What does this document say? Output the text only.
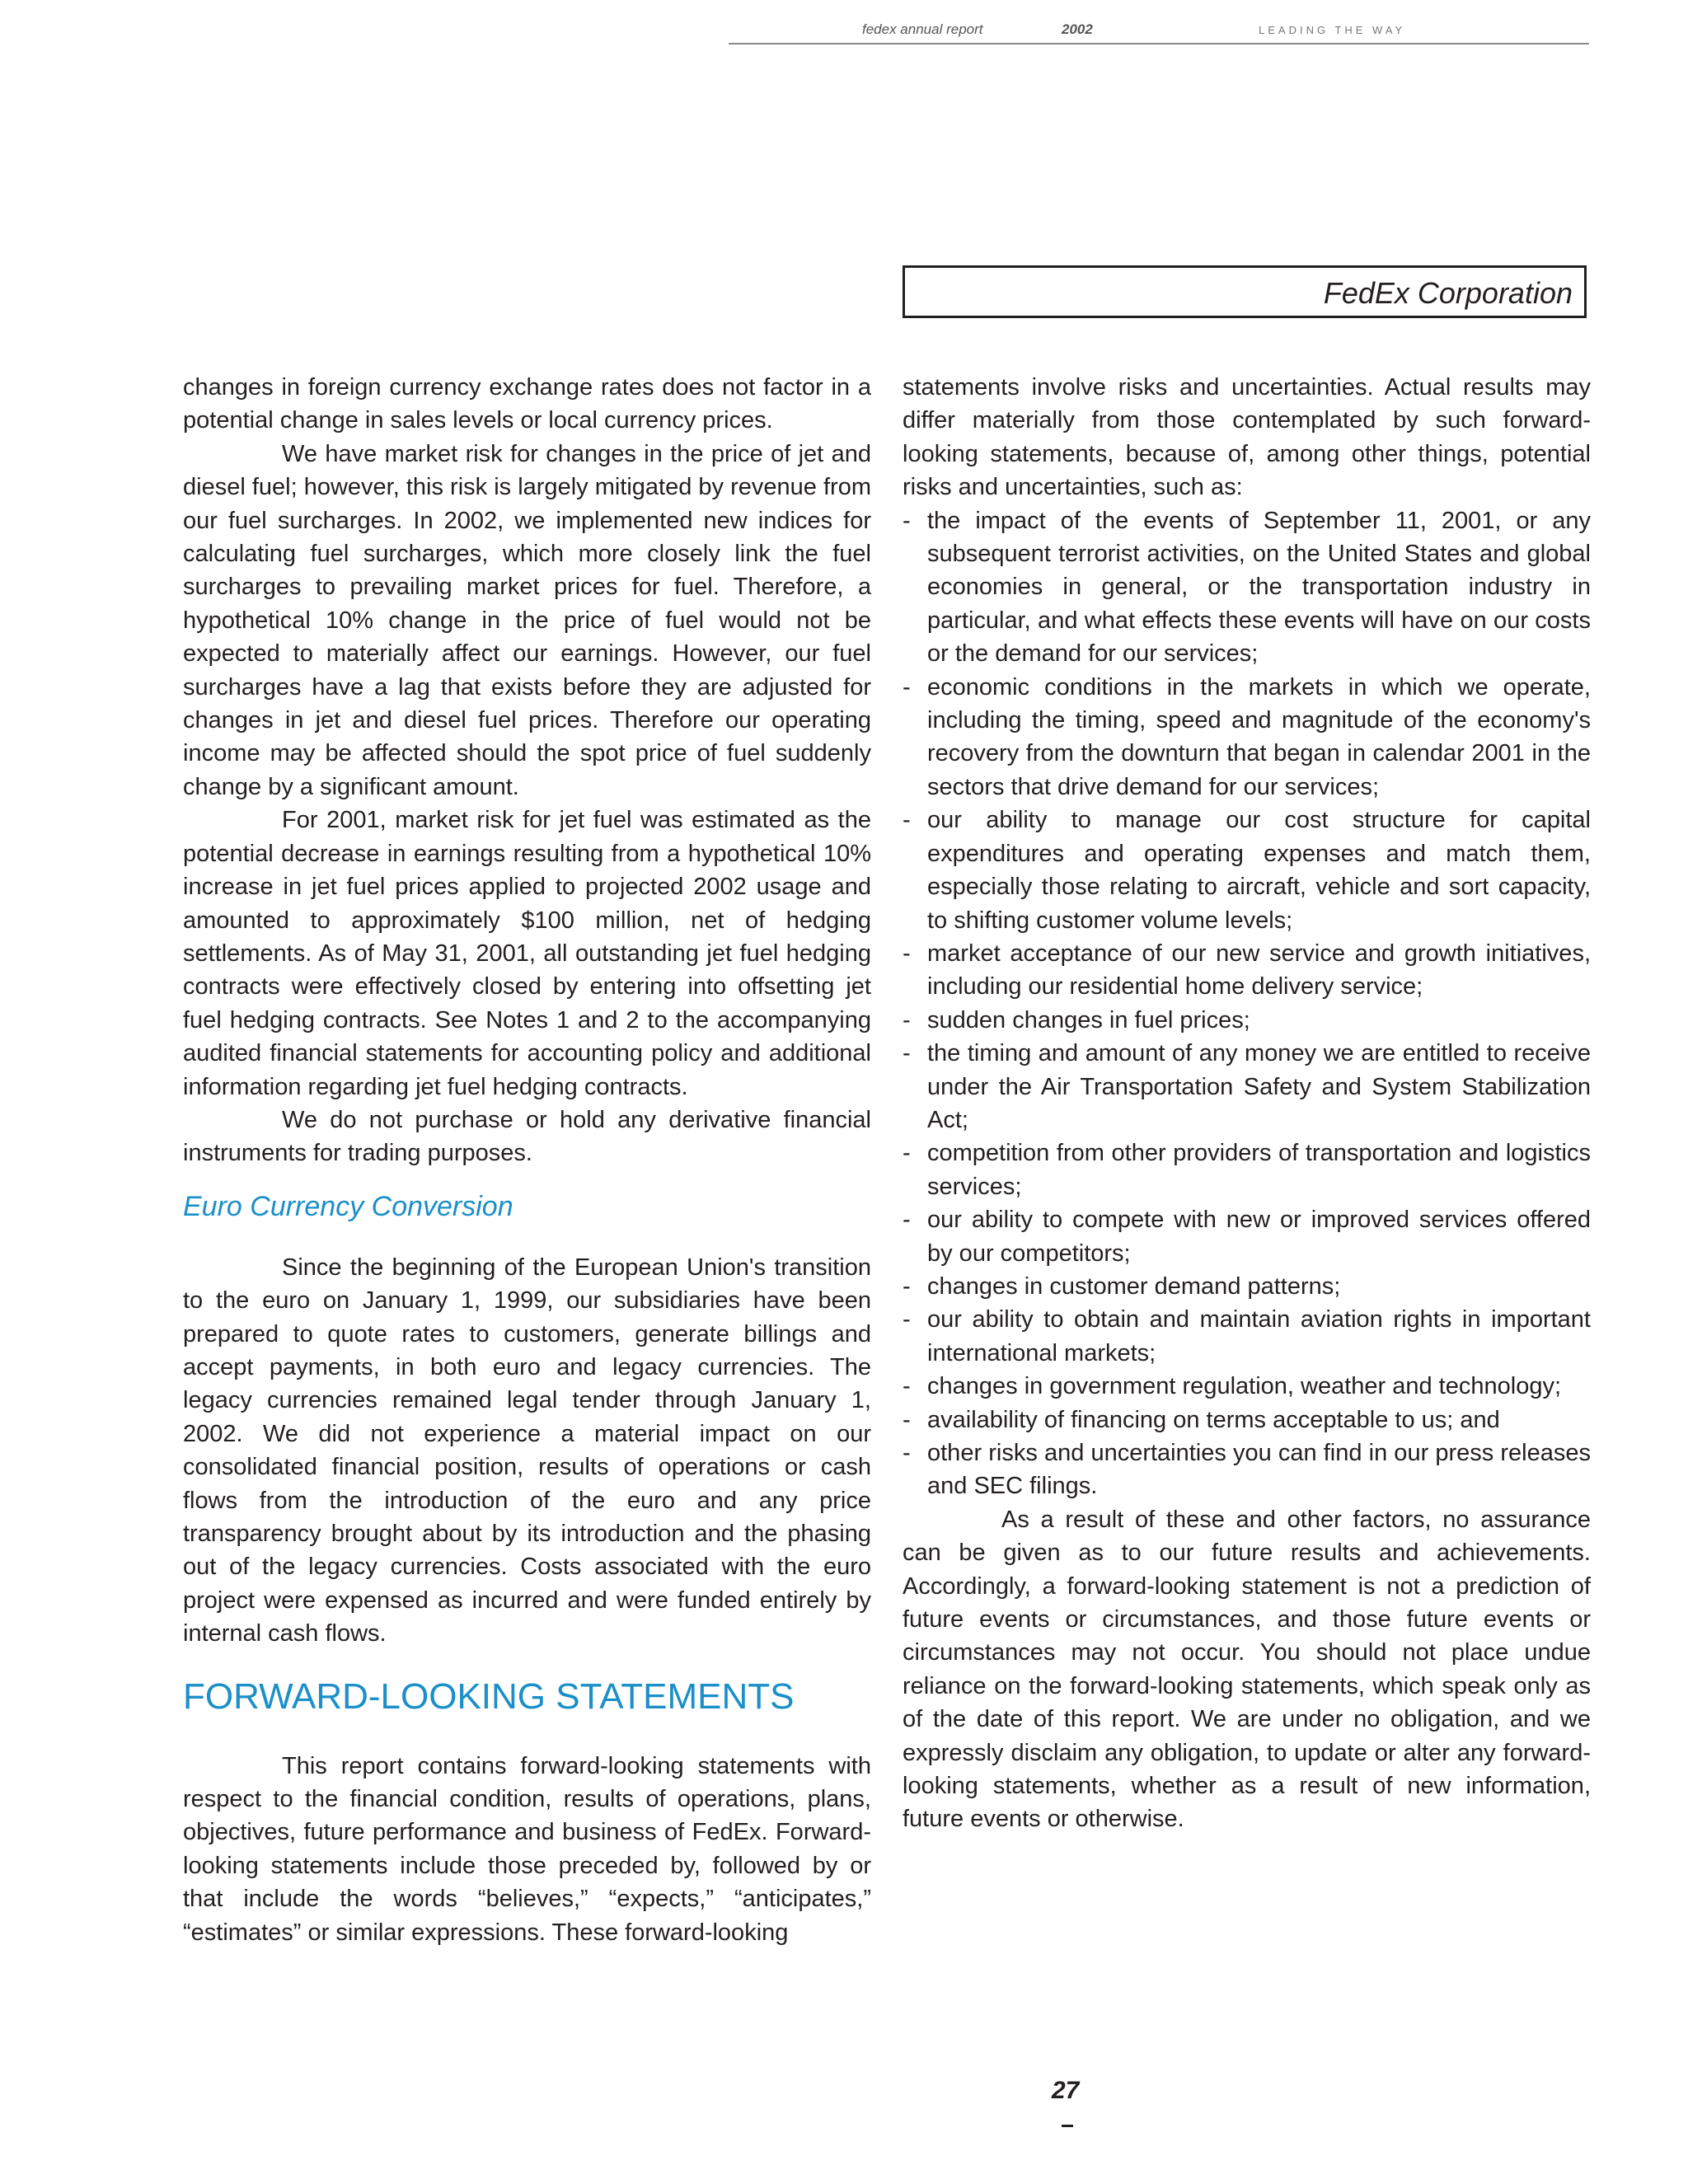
fedex annual report	2002	LEADING THE WAY
FedEx Corporation

changes in foreign currency exchange rates does not factor in a potential change in sales levels or local currency prices.

We have market risk for changes in the price of jet and diesel fuel; however, this risk is largely mitigated by revenue from our fuel surcharges. In 2002, we implemented new indices for calculating fuel surcharges, which more closely link the fuel surcharges to prevailing market prices for fuel. Therefore, a hypothetical 10% change in the price of fuel would not be expected to materially affect our earnings. However, our fuel surcharges have a lag that exists before they are adjusted for changes in jet and diesel fuel prices. Therefore our operating income may be affected should the spot price of fuel suddenly change by a significant amount.

For 2001, market risk for jet fuel was estimated as the potential decrease in earnings resulting from a hypothetical 10% increase in jet fuel prices applied to projected 2002 usage and amounted to approximately $100 million, net of hedging settlements. As of May 31, 2001, all outstanding jet fuel hedging contracts were effectively closed by entering into offsetting jet fuel hedging contracts. See Notes 1 and 2 to the accompanying audited financial statements for accounting policy and additional information regarding jet fuel hedging contracts.

We do not purchase or hold any derivative financial instruments for trading purposes.

Euro Currency Conversion

Since the beginning of the European Union's transition to the euro on January 1, 1999, our subsidiaries have been prepared to quote rates to customers, generate billings and accept payments, in both euro and legacy currencies. The legacy currencies remained legal tender through January 1, 2002. We did not experience a material impact on our consolidated financial position, results of operations or cash flows from the introduction of the euro and any price transparency brought about by its introduction and the phasing out of the legacy currencies. Costs associated with the euro project were expensed as incurred and were funded entirely by internal cash flows.

FORWARD-LOOKING STATEMENTS

This report contains forward-looking statements with respect to the financial condition, results of operations, plans, objectives, future performance and business of FedEx. Forward-looking statements include those preceded by, followed by or that include the words “believes,” “expects,” “anticipates,” “estimates” or similar expressions. These forward-looking

statements involve risks and uncertainties. Actual results may differ materially from those contemplated by such forward-looking statements, because of, among other things, potential risks and uncertainties, such as:

- the impact of the events of September 11, 2001, or any subsequent terrorist activities, on the United States and global economies in general, or the transportation industry in particular, and what effects these events will have on our costs or the demand for our services;
- economic conditions in the markets in which we operate, including the timing, speed and magnitude of the economy's recovery from the downturn that began in calendar 2001 in the sectors that drive demand for our services;
- our ability to manage our cost structure for capital expenditures and operating expenses and match them, especially those relating to aircraft, vehicle and sort capacity, to shifting customer volume levels;
- market acceptance of our new service and growth initiatives, including our residential home delivery service;
- sudden changes in fuel prices;
- the timing and amount of any money we are entitled to receive under the Air Transportation Safety and System Stabilization Act;
- competition from other providers of transportation and logistics services;
- our ability to compete with new or improved services offered by our competitors;
- changes in customer demand patterns;
- our ability to obtain and maintain aviation rights in important international markets;
- changes in government regulation, weather and technology;
- availability of financing on terms acceptable to us; and
- other risks and uncertainties you can find in our press releases and SEC filings.

As a result of these and other factors, no assurance can be given as to our future results and achievements. Accordingly, a forward-looking statement is not a prediction of future events or circumstances, and those future events or circumstances may not occur. You should not place undue reliance on the forward-looking statements, which speak only as of the date of this report. We are under no obligation, and we expressly disclaim any obligation, to update or alter any forward-looking statements, whether as a result of new information, future events or otherwise.

27
